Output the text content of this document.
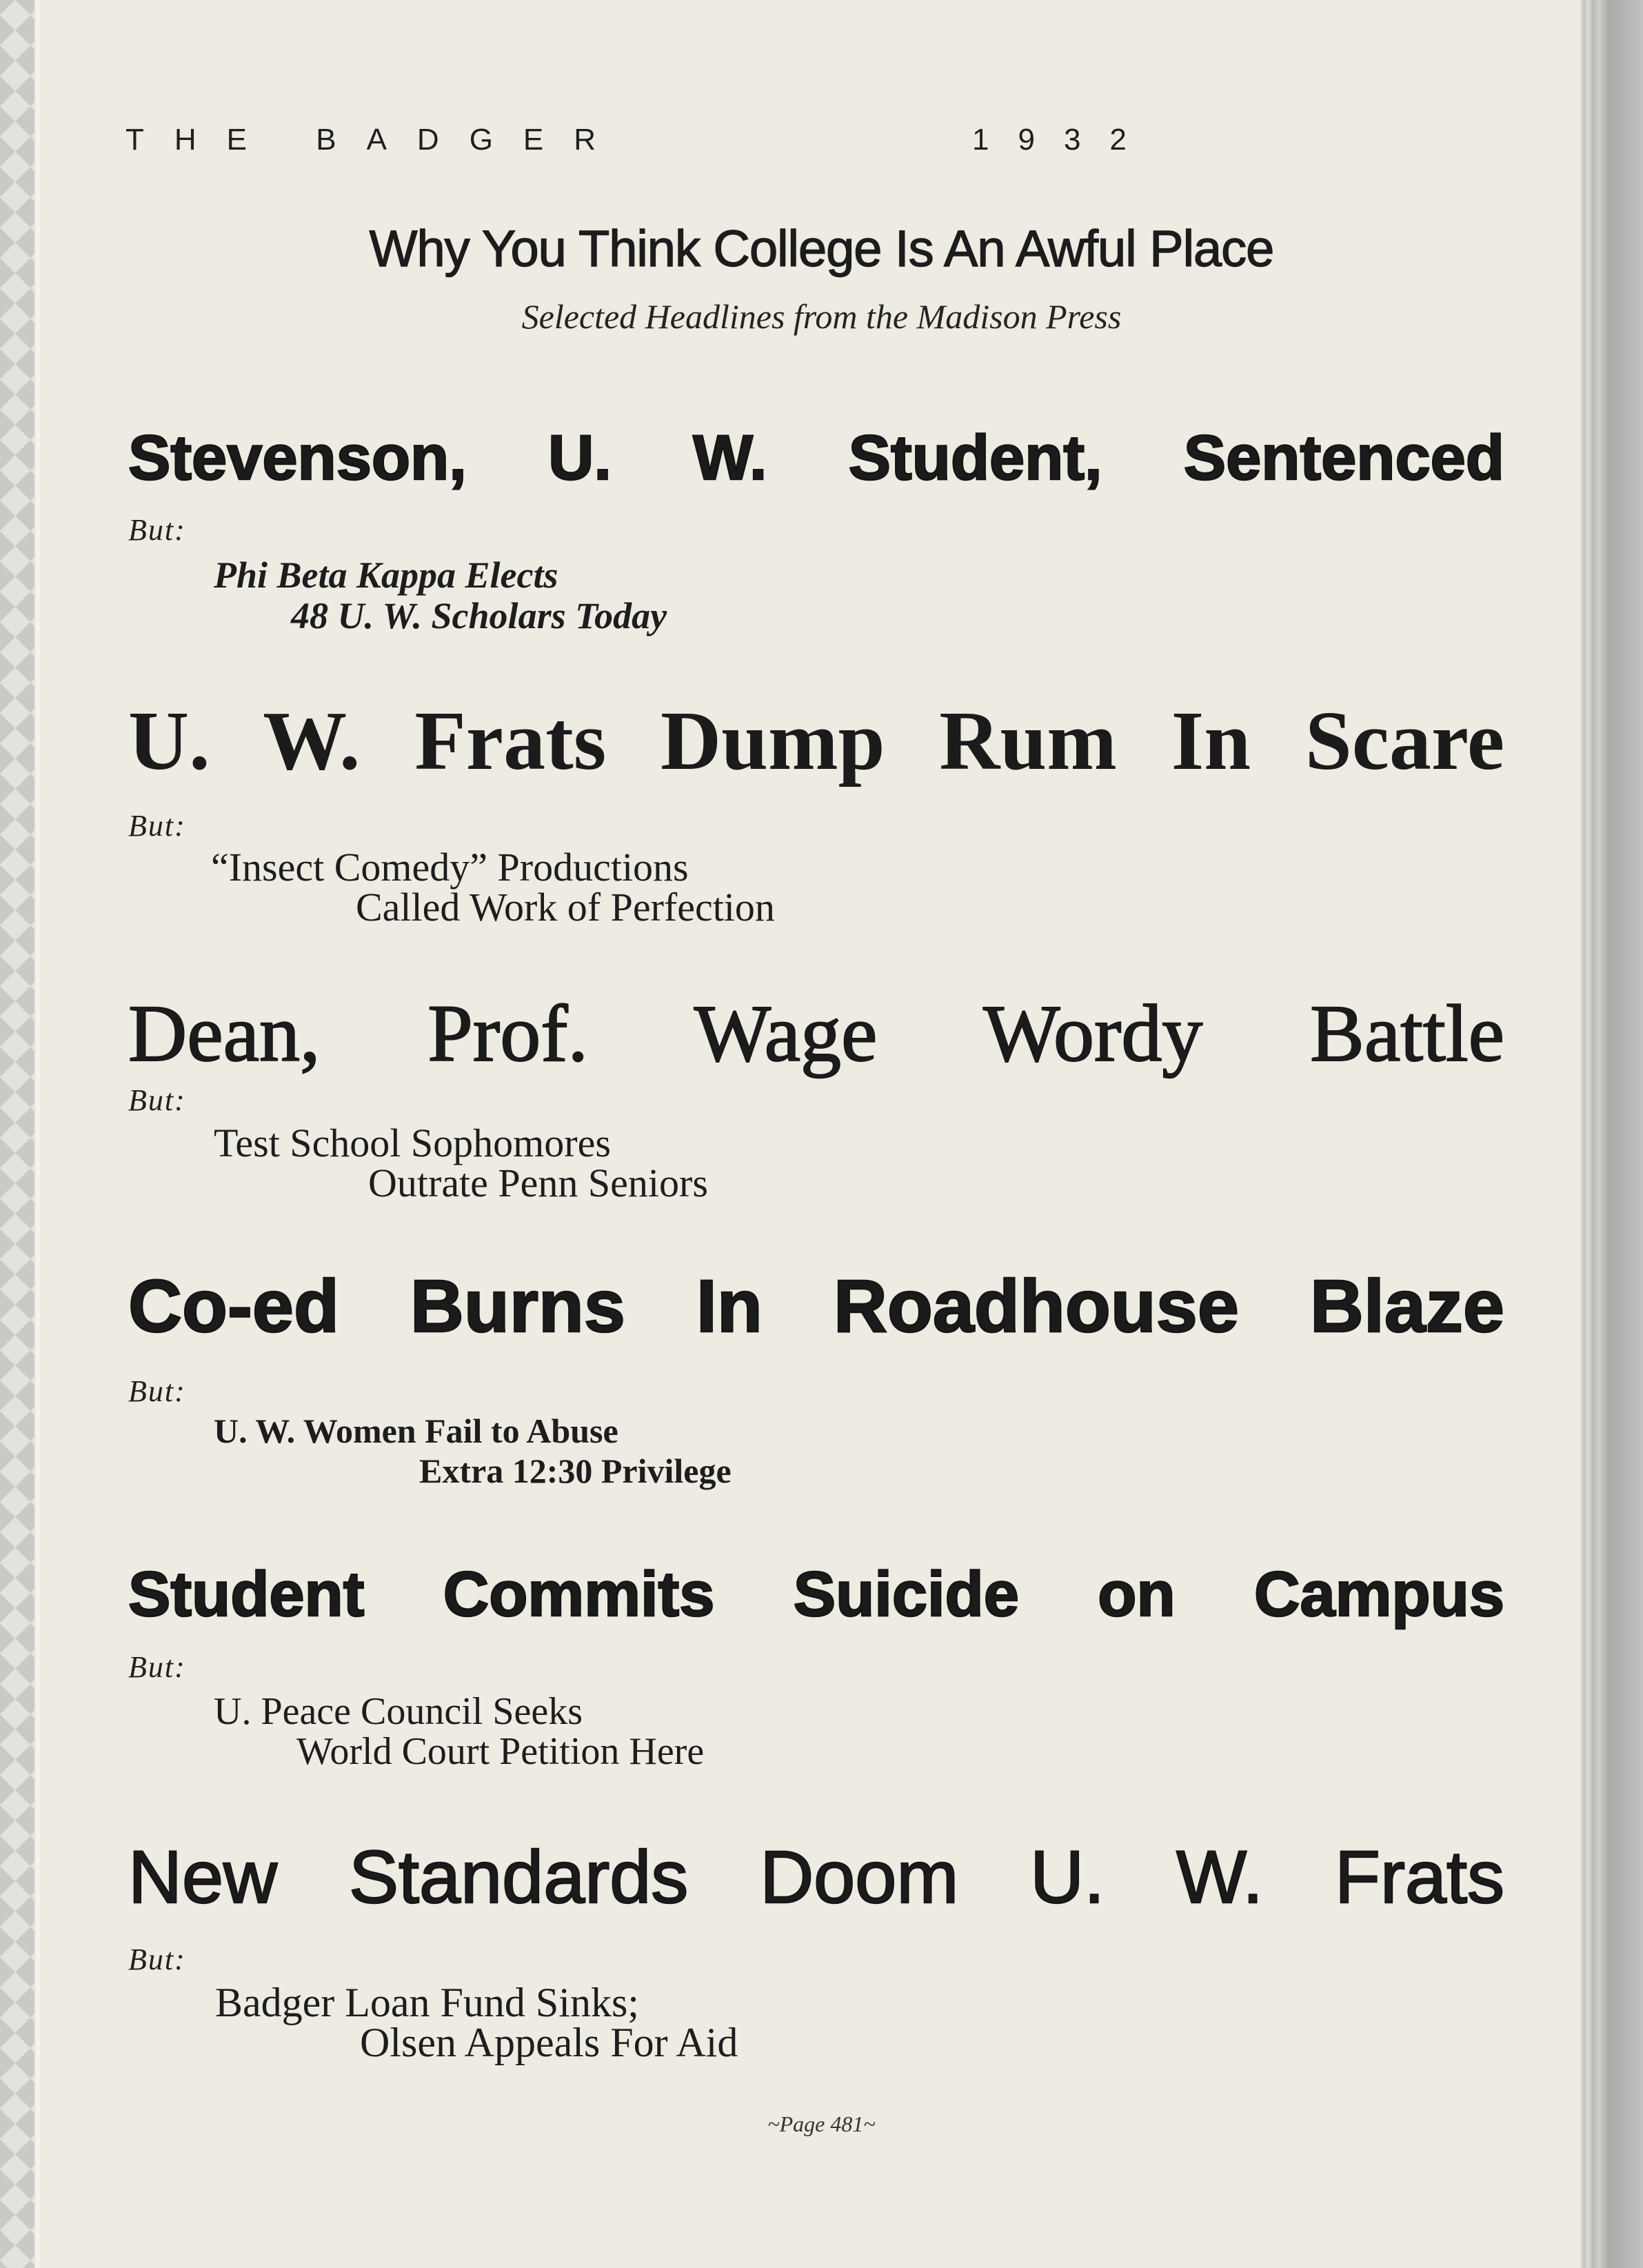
THE BADGER	1932
Why You Think College Is An Awful Place
Selected Headlines from the Madison Press
Stevenson, U. W. Student, Sentenced
But:
Phi Beta Kappa Elects
48 U. W. Scholars Today
U. W. Frats Dump Rum In Scare
But:
“Insect Comedy” Productions
Called Work of Perfection
Dean, Prof. Wage Wordy Battle
But:
Test School Sophomores
Outrate Penn Seniors
Co-ed Burns In Roadhouse Blaze
But:
U. W. Women Fail to Abuse
Extra 12:30 Privilege
Student Commits Suicide on Campus
But:
U. Peace Council Seeks
World Court Petition Here
New Standards Doom U. W. Frats
But:
Badger Loan Fund Sinks;
Olsen Appeals For Aid
~Page 481~
